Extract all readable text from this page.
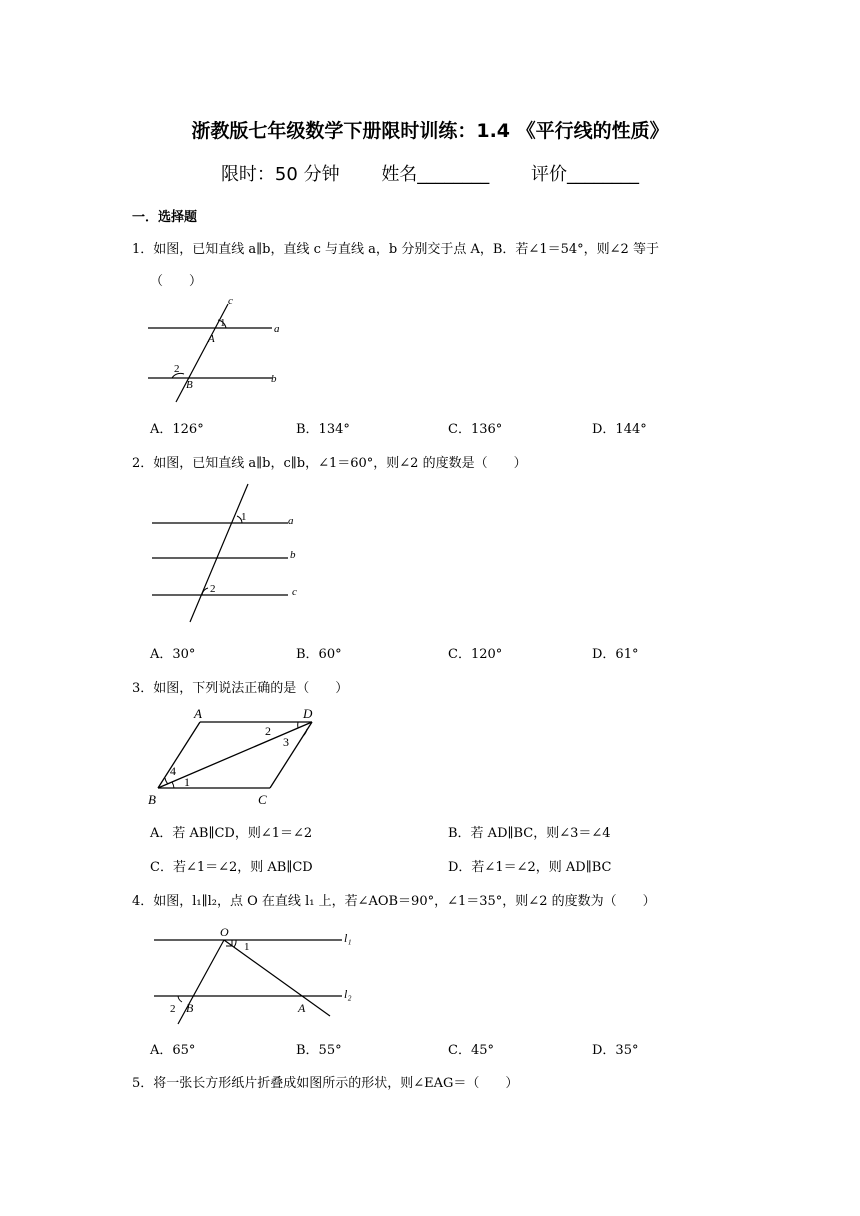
浙教版七年级数学下册限时训练：1.4 《平行线的性质》
限时：50 分钟 姓名________ 评价________
一．选择题
1．如图，已知直线 a∥b，直线 c 与直线 a，b 分别交于点 A，B．若∠1＝54°，则∠2 等于
（　　）
c
a
b
A
B
1
2
A．126°	B．134°	C．136°	D．144°
2．如图，已知直线 a∥b，c∥b，∠1＝60°，则∠2 的度数是（　　）
1
2
a
b
c
A．30°	B．60°	C．120°	D．61°
3．如图，下列说法正确的是（　　）
A	D
B	C
2
3
4
1
A．若 AB∥CD，则∠1＝∠2	B．若 AD∥BC，则∠3＝∠4
C．若∠1＝∠2，则 AB∥CD	D．若∠1＝∠2，则 AD∥BC
4．如图，l₁∥l₂，点 O 在直线 l₁ 上，若∠AOB＝90°，∠1＝35°，则∠2 的度数为（　　）
O
1
l₁
l₂
2 B	A
A．65°	B．55°	C．45°	D．35°
5．将一张长方形纸片折叠成如图所示的形状，则∠EAG＝（　　）
